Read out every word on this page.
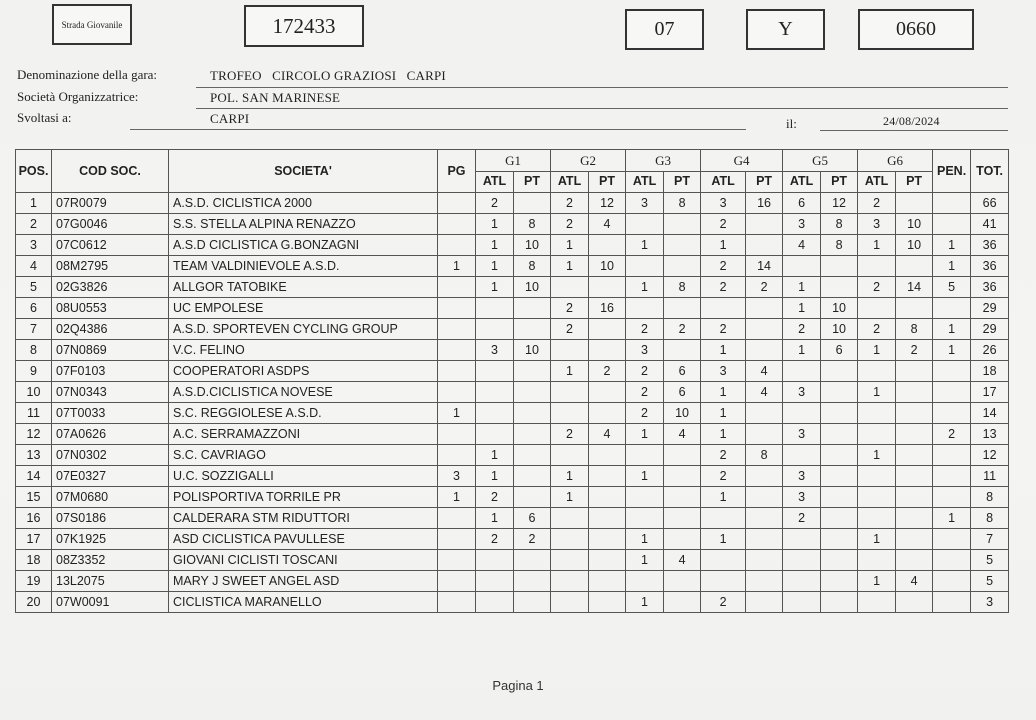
Strada Giovanile	172433	07	Y	0660
Denominazione della gara:	TROFEO   CIRCOLO GRAZIOSI   CARPI
Società Organizzatrice:	POL. SAN MARINESE
Svoltasi a:	CARPI	il:	24/08/2024
POS.	COD SOC.	SOCIETA'	PG	G1		G2		G3		G4		G5		G6		PEN.	TOT.
				ATL	PT	ATL	PT	ATL	PT	ATL	PT	ATL	PT	ATL	PT		
1	07R0079	A.S.D. CICLISTICA 2000		2		2	12	3	8	3	16	6	12	2			66
2	07G0046	S.S. STELLA ALPINA RENAZZO		1	8	2	4			2		3	8	3	10		41
3	07C0612	A.S.D CICLISTICA G.BONZAGNI		1	10	1		1		1		4	8	1	10	1	36
4	08M2795	TEAM VALDINIEVOLE A.S.D.	1	1	8	1	10			2	14					1	36
5	02G3826	ALLGOR TATOBIKE		1	10			1	8	2	2	1		2	14	5	36
6	08U0553	UC EMPOLESE				2	16					1	10				29
7	02Q4386	A.S.D. SPORTEVEN CYCLING GROUP				2		2	2	2		2	10	2	8	1	29
8	07N0869	V.C. FELINO		3	10			3		1		1	6	1	2	1	26
9	07F0103	COOPERATORI ASDPS				1	2	2	6	3	4						18
10	07N0343	A.S.D.CICLISTICA NOVESE						2	6	1	4	3		1			17
11	07T0033	S.C. REGGIOLESE A.S.D.	1					2	10	1							14
12	07A0626	A.C. SERRAMAZZONI				2	4	1	4	1		3				2	13
13	07N0302	S.C. CAVRIAGO		1						2	8			1			12
14	07E0327	U.C. SOZZIGALLI	3	1		1		1		2		3					11
15	07M0680	POLISPORTIVA TORRILE PR	1	2		1				1		3					8
16	07S0186	CALDERARA STM RIDUTTORI		1	6							2				1	8
17	07K1925	ASD CICLISTICA PAVULLESE		2	2			1		1				1			7
18	08Z3352	GIOVANI CICLISTI TOSCANI						1	4								5
19	13L2075	MARY J SWEET ANGEL ASD												1	4		5
20	07W0091	CICLISTICA MARANELLO						1		2							3
Pagina 1
